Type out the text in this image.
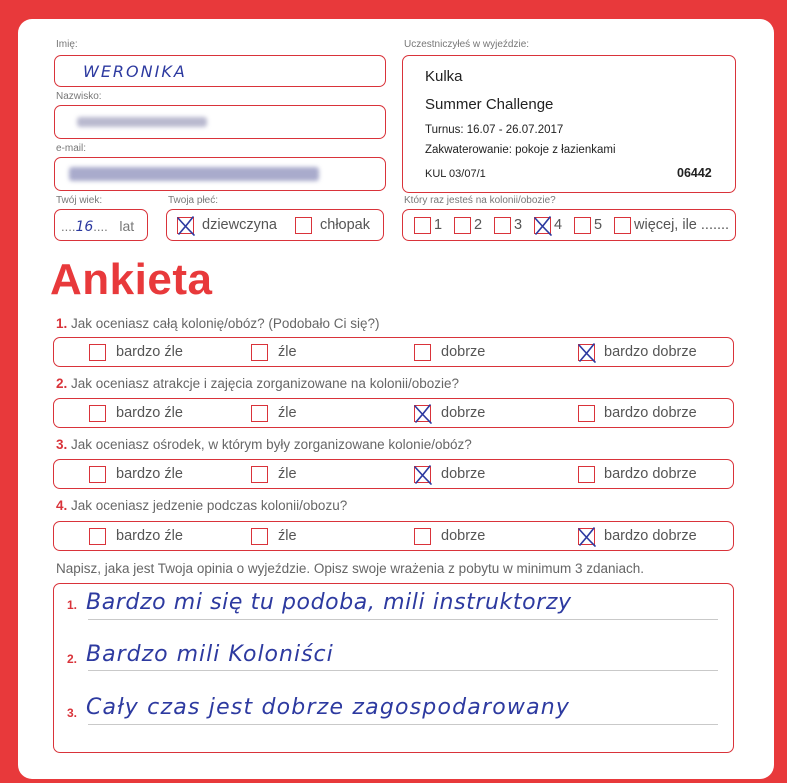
Imię:
WERONIKA
Nazwisko:
e-mail:
Twój wiek:
....16.... lat
Twoja płeć:
dziewczyna	chłopak
Uczestniczyłeś w wyjeździe:
Kulka
Summer Challenge
Turnus: 16.07 - 26.07.2017
Zakwaterowanie: pokoje z łazienkami
KUL 03/07/1	06442
Który raz jesteś na kolonii/obozie?
1 2 3 4 5 więcej, ile .......
Ankieta
1. Jak oceniasz całą kolonię/obóz? (Podobało Ci się?)
bardzo źle	źle	dobrze	bardzo dobrze
2. Jak oceniasz atrakcje i zajęcia zorganizowane na kolonii/obozie?
bardzo źle	źle	dobrze	bardzo dobrze
3. Jak oceniasz ośrodek, w którym były zorganizowane kolonie/obóz?
bardzo źle	źle	dobrze	bardzo dobrze
4. Jak oceniasz jedzenie podczas kolonii/obozu?
bardzo źle	źle	dobrze	bardzo dobrze
Napisz, jaka jest Twoja opinia o wyjeździe. Opisz swoje wrażenia z pobytu w minimum 3 zdaniach.
1. Bardzo mi się tu podoba, mili instruktorzy
2. Bardzo mili Koloniści
3. Cały czas jest dobrze zagospodarowany
